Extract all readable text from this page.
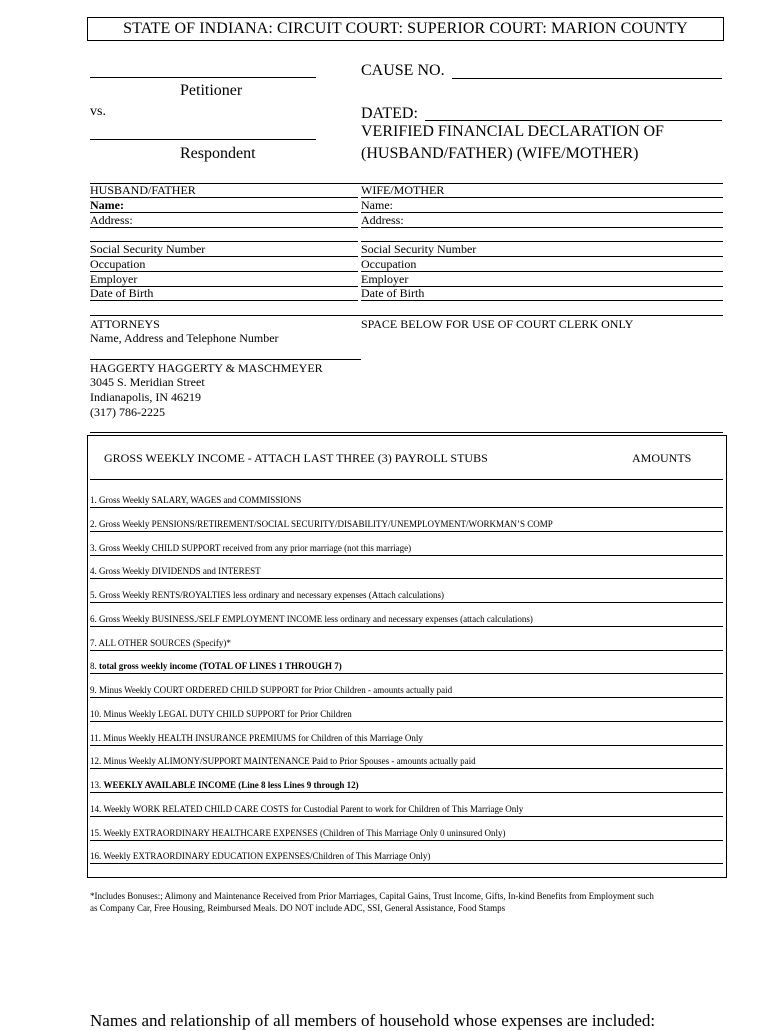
STATE OF INDIANA: CIRCUIT COURT: SUPERIOR COURT: MARION COUNTY
Petitioner
vs.
Respondent
CAUSE NO.
DATED:
VERIFIED FINANCIAL DECLARATION OF
(HUSBAND/FATHER) (WIFE/MOTHER)
HUSBAND/FATHER
Name:
Address:
Social Security Number
Occupation
Employer
Date of Birth
WIFE/MOTHER
Name:
Address:
Social Security Number
Occupation
Employer
Date of Birth
ATTORNEYS
Name, Address and Telephone Number
HAGGERTY HAGGERTY & MASCHMEYER
3045 S. Meridian Street
Indianapolis, IN 46219
(317) 786-2225
SPACE BELOW FOR USE OF COURT CLERK ONLY
GROSS WEEKLY INCOME - ATTACH LAST THREE (3) PAYROLL STUBS	AMOUNTS
1. Gross Weekly SALARY, WAGES and COMMISSIONS
2. Gross Weekly PENSIONS/RETIREMENT/SOCIAL SECURITY/DISABILITY/UNEMPLOYMENT/WORKMAN’S COMP
3. Gross Weekly CHILD SUPPORT received from any prior marriage (not this marriage)
4. Gross Weekly DIVIDENDS and INTEREST
5. Gross Weekly RENTS/ROYALTIES less ordinary and necessary expenses (Attach calculations)
6. Gross Weekly BUSINESS./SELF EMPLOYMENT INCOME less ordinary and necessary expenses (attach calculations)
7. ALL OTHER SOURCES (Specify)*
8. total gross weekly income (TOTAL OF LINES 1 THROUGH 7)
9. Minus Weekly COURT ORDERED CHILD SUPPORT for Prior Children - amounts actually paid
10. Minus Weekly LEGAL DUTY CHILD SUPPORT for Prior Children
11. Minus Weekly HEALTH INSURANCE PREMIUMS for Children of this Marriage Only
12. Minus Weekly ALIMONY/SUPPORT MAINTENANCE Paid to Prior Spouses - amounts actually paid
13. WEEKLY AVAILABLE INCOME (Line 8 less Lines 9 through 12)
14. Weekly WORK RELATED CHILD CARE COSTS for Custodial Parent to work for Children of This Marriage Only
15. Weekly EXTRAORDINARY HEALTHCARE EXPENSES (Children of This Marriage Only 0 uninsured Only)
16. Weekly EXTRAORDINARY EDUCATION EXPENSES/Children of This Marriage Only)
*Includes Bonuses:; Alimony and Maintenance Received from Prior Marriages, Capital Gains, Trust Income, Gifts, In-kind Benefits from Employment such
as Company Car, Free Housing, Reimbursed Meals. DO NOT include ADC, SSI, General Assistance, Food Stamps
Names and relationship of all members of household whose expenses are included:
